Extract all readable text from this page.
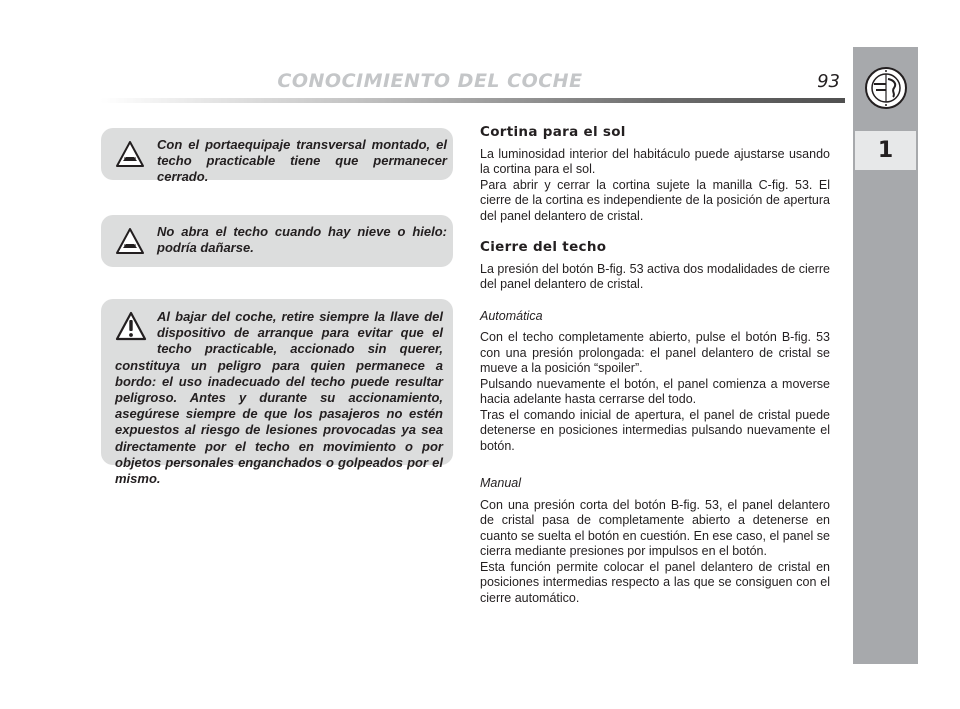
CONOCIMIENTO DEL COCHE	93
1

Con el portaequipaje transversal montado, el techo practicable tiene que permanecer cerrado.

No abra el techo cuando hay nieve o hielo: podría dañarse.

Al bajar del coche, retire siempre la llave del dispositivo de arranque para evitar que el techo practicable, accionado sin querer, constituya un peligro para quien permanece a bordo: el uso inadecuado del techo puede resultar peligroso. Antes y durante su accionamiento, asegúrese siempre de que los pasajeros no estén expuestos al riesgo de lesiones provocadas ya sea directamente por el techo en movimiento o por objetos personales enganchados o golpeados por el mismo.

Cortina para el sol

La luminosidad interior del habitáculo puede ajustarse usando la cortina para el sol.

Para abrir y cerrar la cortina sujete la manilla C-fig. 53. El cierre de la cortina es independiente de la posición de apertura del panel delantero de cristal.

Cierre del techo

La presión del botón B-fig. 53 activa dos modalidades de cierre del panel delantero de cristal.

Automática

Con el techo completamente abierto, pulse el botón B-fig. 53 con una presión prolongada: el panel delantero de cristal se mueve a la posición “spoiler”.

Pulsando nuevamente el botón, el panel comienza a moverse hacia adelante hasta cerrarse del todo.

Tras el comando inicial de apertura, el panel de cristal puede detenerse en posiciones intermedias pulsando nuevamente el botón.

Manual

Con una presión corta del botón B-fig. 53, el panel delantero de cristal pasa de completamente abierto a detenerse en cuanto se suelta el botón en cuestión. En ese caso, el panel se cierra mediante presiones por impulsos en el botón.

Esta función permite colocar el panel delantero de cristal en posiciones intermedias respecto a las que se consiguen con el cierre automático.
